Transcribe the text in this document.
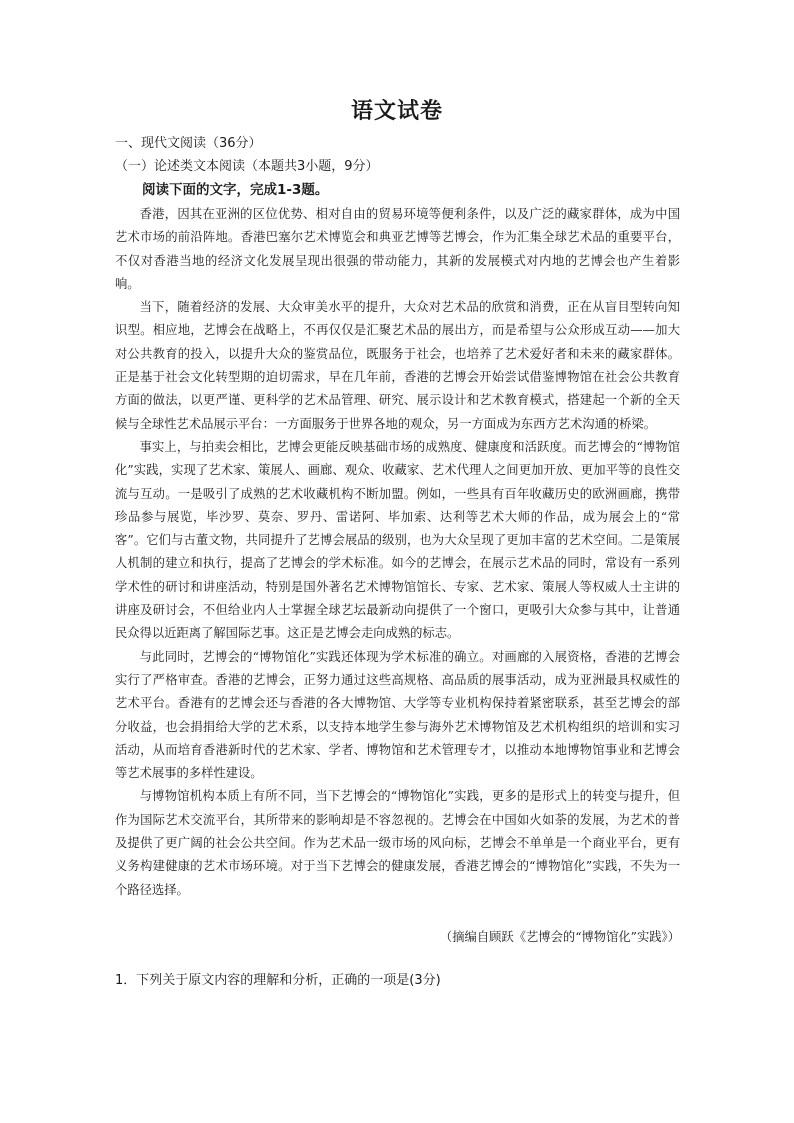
语文试卷
一、现代文阅读（36分）
（一）论述类文本阅读（本题共3小题，9分）
阅读下面的文字，完成1-3题。

香港，因其在亚洲的区位优势、相对自由的贸易环境等便利条件，以及广泛的藏家群体，成为中国艺术市场的前沿阵地。香港巴塞尔艺术博览会和典亚艺博等艺博会，作为汇集全球艺术品的重要平台，不仅对香港当地的经济文化发展呈现出很强的带动能力，其新的发展模式对内地的艺博会也产生着影响。

当下，随着经济的发展、大众审美水平的提升，大众对艺术品的欣赏和消费，正在从盲目型转向知识型。相应地，艺博会在战略上，不再仅仅是汇聚艺术品的展出方，而是希望与公众形成互动——加大对公共教育的投入，以提升大众的鉴赏品位，既服务于社会，也培养了艺术爱好者和未来的藏家群体。正是基于社会文化转型期的迫切需求，早在几年前，香港的艺博会开始尝试借鉴博物馆在社会公共教育方面的做法，以更严谨、更科学的艺术品管理、研究、展示设计和艺术教育模式，搭建起一个新的全天候与全球性艺术品展示平台：一方面服务于世界各地的观众，另一方面成为东西方艺术沟通的桥梁。

事实上，与拍卖会相比，艺博会更能反映基础市场的成熟度、健康度和活跃度。而艺博会的“博物馆化”实践，实现了艺术家、策展人、画廊、观众、收藏家、艺术代理人之间更加开放、更加平等的良性交流与互动。一是吸引了成熟的艺术收藏机构不断加盟。例如，一些具有百年收藏历史的欧洲画廊，携带珍品参与展览，毕沙罗、莫奈、罗丹、雷诺阿、毕加索、达利等艺术大师的作品，成为展会上的“常客”。它们与古董文物，共同提升了艺博会展品的级别，也为大众呈现了更加丰富的艺术空间。二是策展人机制的建立和执行，提高了艺博会的学术标准。如今的艺博会，在展示艺术品的同时，常设有一系列学术性的研讨和讲座活动，特别是国外著名艺术博物馆馆长、专家、艺术家、策展人等权威人士主讲的讲座及研讨会，不但给业内人士掌握全球艺坛最新动向提供了一个窗口，更吸引大众参与其中，让普通民众得以近距离了解国际艺事。这正是艺博会走向成熟的标志。

与此同时，艺博会的“博物馆化”实践还体现为学术标准的确立。对画廊的入展资格，香港的艺博会实行了严格审查。香港的艺博会，正努力通过这些高规格、高品质的展事活动，成为亚洲最具权威性的艺术平台。香港有的艺博会还与香港的各大博物馆、大学等专业机构保持着紧密联系，甚至艺博会的部分收益，也会捐捐给大学的艺术系，以支持本地学生参与海外艺术博物馆及艺术机构组织的培训和实习活动，从而培育香港新时代的艺术家、学者、博物馆和艺术管理专才，以推动本地博物馆事业和艺博会等艺术展事的多样性建设。

与博物馆机构本质上有所不同，当下艺博会的“博物馆化”实践，更多的是形式上的转变与提升，但作为国际艺术交流平台，其所带来的影响却是不容忽视的。艺博会在中国如火如荼的发展，为艺术的普及提供了更广阔的社会公共空间。作为艺术品一级市场的风向标，艺博会不单单是一个商业平台，更有义务构建健康的艺术市场环境。对于当下艺博会的健康发展，香港艺博会的“博物馆化”实践，不失为一个路径选择。

（摘编自顾跃《艺博会的“博物馆化”实践》）
1．下列关于原文内容的理解和分析，正确的一项是(3分)
